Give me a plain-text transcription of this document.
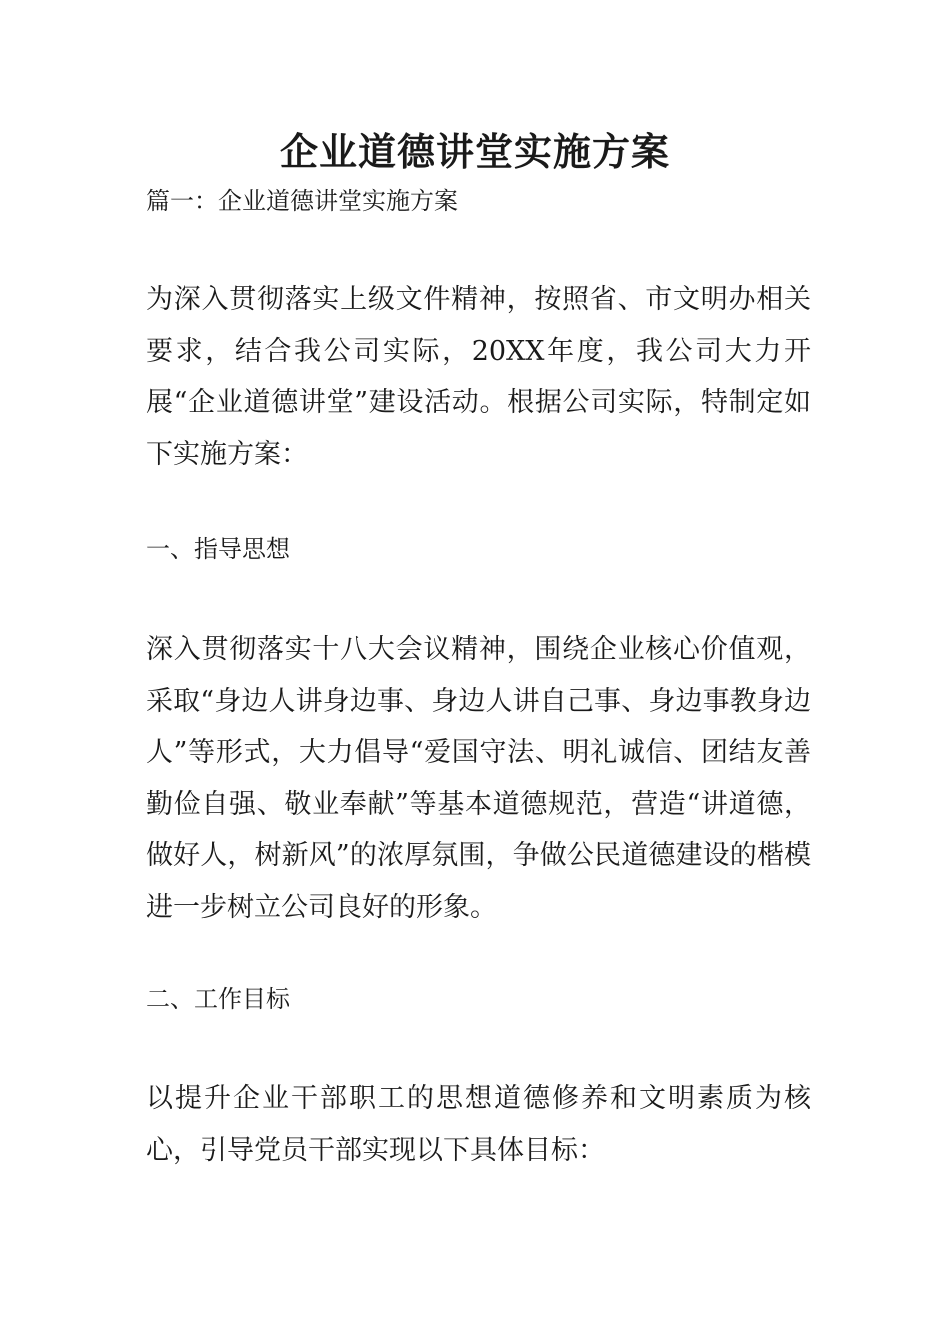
企业道德讲堂实施方案

篇一：企业道德讲堂实施方案

为深入贯彻落实上级文件精神，按照省、市文明办相关要求，结合我公司实际，20XX年度，我公司大力开展“企业道德讲堂”建设活动。根据公司实际，特制定如下实施方案：

一、指导思想

深入贯彻落实十八大会议精神，围绕企业核心价值观，采取“身边人讲身边事、身边人讲自己事、身边事教身边人”等形式，大力倡导“爱国守法、明礼诚信、团结友善勤俭自强、敬业奉献”等基本道德规范，营造“讲道德，做好人，树新风”的浓厚氛围，争做公民道德建设的楷模进一步树立公司良好的形象。

二、工作目标

以提升企业干部职工的思想道德修养和文明素质为核心，引导党员干部实现以下具体目标：
